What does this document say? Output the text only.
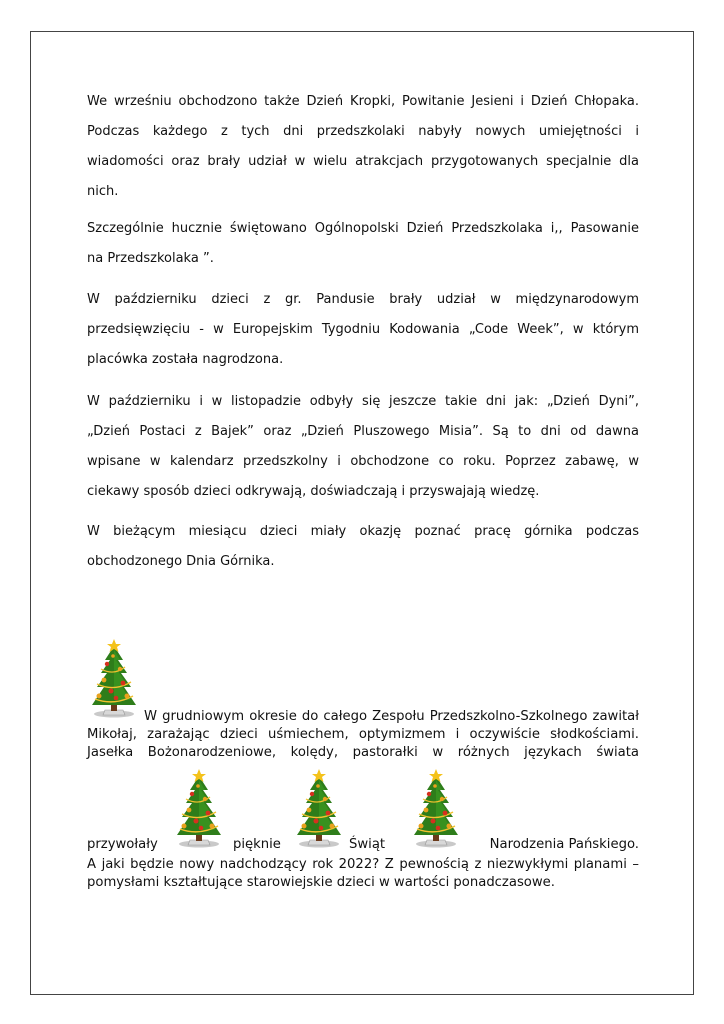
We wrześniu obchodzono także Dzień Kropki, Powitanie Jesieni i Dzień Chłopaka.
Podczas każdego z tych dni przedszkolaki nabyły nowych umiejętności i
wiadomości oraz brały udział w wielu atrakcjach przygotowanych specjalnie dla
nich.
Szczególnie hucznie świętowano Ogólnopolski Dzień Przedszkolaka i,, Pasowanie
na Przedszkolaka ”.
W październiku dzieci z gr. Pandusie brały udział w międzynarodowym
przedsięwzięciu - w Europejskim Tygodniu Kodowania „Code Week”, w którym
placówka została nagrodzona.
W październiku i w listopadzie odbyły się jeszcze takie dni jak: „Dzień Dyni”,
„Dzień Postaci z Bajek” oraz „Dzień Pluszowego Misia”. Są to dni od dawna
wpisane w kalendarz przedszkolny i obchodzone co roku. Poprzez zabawę, w
ciekawy sposób dzieci odkrywają, doświadczają i przyswajają wiedzę.
W bieżącym miesiącu dzieci miały okazję poznać pracę górnika podczas
obchodzonego Dnia Górnika.
W grudniowym okresie do całego Zespołu Przedszkolno-Szkolnego zawitał
Mikołaj, zarażając dzieci uśmiechem, optymizmem i oczywiście słodkościami.
Jasełka Bożonarodzeniowe, kolędy, pastorałki w różnych językach świata
przywołały	pięknie	Świąt	Narodzenia Pańskiego.
A jaki będzie nowy nadchodzący rok 2022? Z pewnością z niezwykłymi planami –
pomysłami kształtujące starowiejskie dzieci w wartości ponadczasowe.
